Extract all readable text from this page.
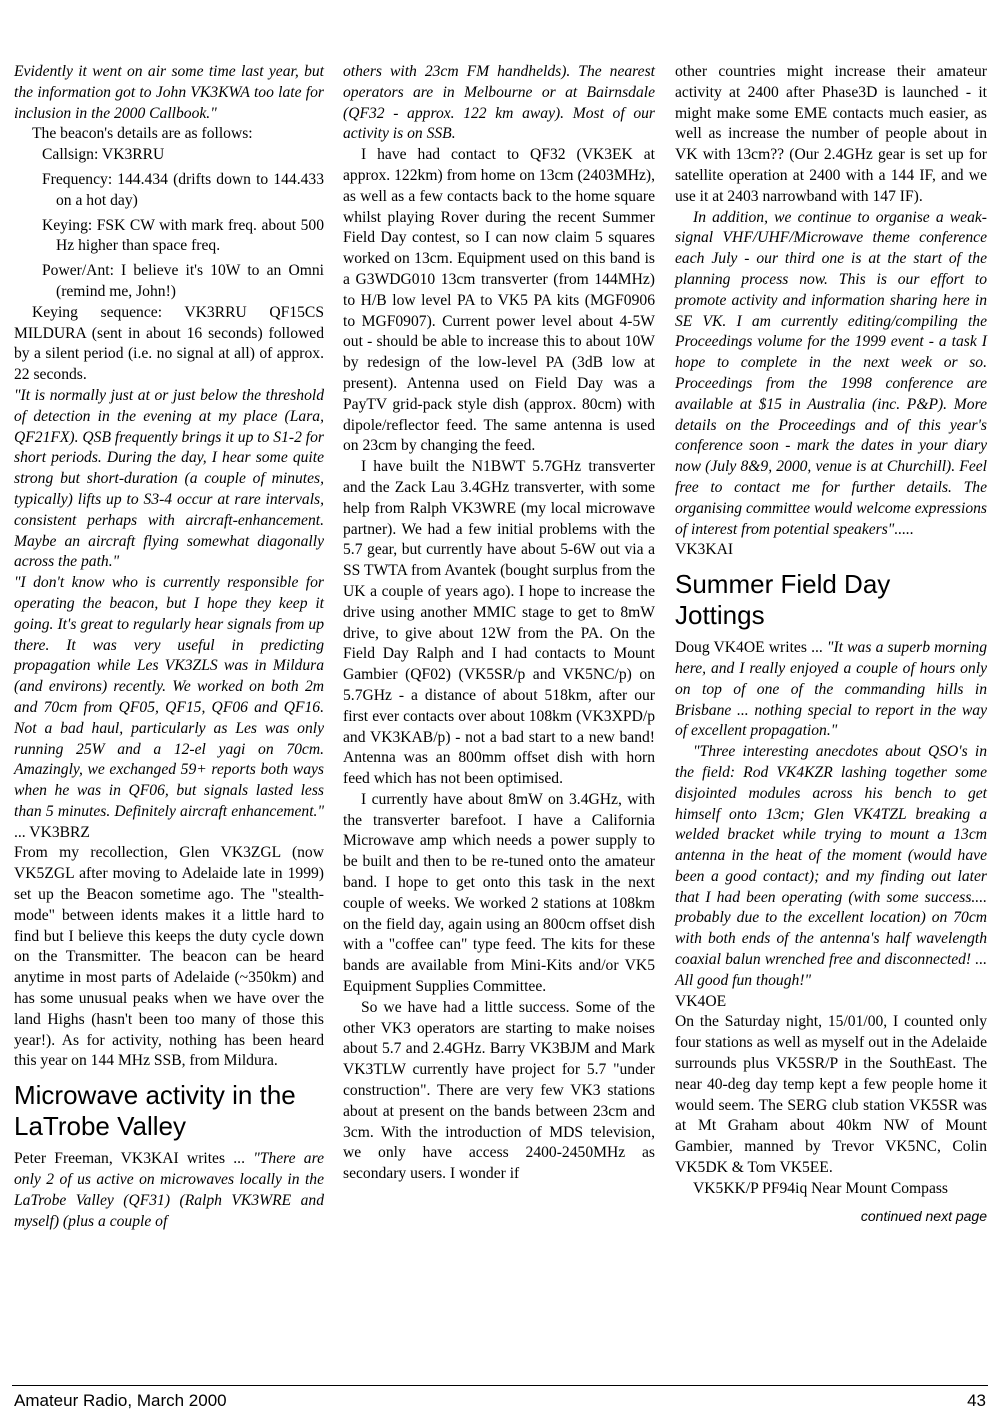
Evidently it went on air some time last year, but the information got to John VK3KWA too late for inclusion in the 2000 Callbook."

The beacon's details are as follows:

Callsign: VK3RRU

Frequency: 144.434 (drifts down to 144.433 on a hot day)

Keying: FSK CW with mark freq. about 500 Hz higher than space freq.

Power/Ant: I believe it's 10W to an Omni (remind me, John!)

Keying sequence: VK3RRU QF15CS MILDURA (sent in about 16 seconds) followed by a silent period (i.e. no signal at all) of approx. 22 seconds.

"It is normally just at or just below the threshold of detection in the evening at my place (Lara, QF21FX). QSB frequently brings it up to S1-2 for short periods. During the day, I hear some quite strong but short-duration (a couple of minutes, typically) lifts up to S3-4 occur at rare intervals, consistent perhaps with aircraft-enhancement. Maybe an aircraft flying somewhat diagonally across the path."

"I don't know who is currently responsible for operating the beacon, but I hope they keep it going. It's great to regularly hear signals from up there. It was very useful in predicting propagation while Les VK3ZLS was in Mildura (and environs) recently. We worked on both 2m and 70cm from QF05, QF15, QF06 and QF16. Not a bad haul, particularly as Les was only running 25W and a 12-el yagi on 70cm. Amazingly, we exchanged 59+ reports both ways when he was in QF06, but signals lasted less than 5 minutes. Definitely aircraft enhancement." ... VK3BRZ

From my recollection, Glen VK3ZGL (now VK5ZGL after moving to Adelaide late in 1999) set up the Beacon sometime ago. The "stealth-mode" between idents makes it a little hard to find but I believe this keeps the duty cycle down on the Transmitter. The beacon can be heard anytime in most parts of Adelaide (~350km) and has some unusual peaks when we have over the land Highs (hasn't been too many of those this year!). As for activity, nothing has been heard this year on 144 MHz SSB, from Mildura.

Microwave activity in the LaTrobe Valley

Peter Freeman, VK3KAI writes ... "There are only 2 of us active on microwaves locally in the LaTrobe Valley (QF31) (Ralph VK3WRE and myself) (plus a couple of

others with 23cm FM handhelds). The nearest operators are in Melbourne or at Bairnsdale (QF32 - approx. 122 km away). Most of our activity is on SSB.

I have had contact to QF32 (VK3EK at approx. 122km) from home on 13cm (2403MHz), as well as a few contacts back to the home square whilst playing Rover during the recent Summer Field Day contest, so I can now claim 5 squares worked on 13cm. Equipment used on this band is a G3WDG010 13cm transverter (from 144MHz) to H/B low level PA to VK5 PA kits (MGF0906 to MGF0907). Current power level about 4-5W out - should be able to increase this to about 10W by redesign of the low-level PA (3dB low at present). Antenna used on Field Day was a PayTV grid-pack style dish (approx. 80cm) with dipole/reflector feed. The same antenna is used on 23cm by changing the feed.

I have built the N1BWT 5.7GHz transverter and the Zack Lau 3.4GHz transverter, with some help from Ralph VK3WRE (my local microwave partner). We had a few initial problems with the 5.7 gear, but currently have about 5-6W out via a SS TWTA from Avantek (bought surplus from the UK a couple of years ago). I hope to increase the drive using another MMIC stage to get to 8mW drive, to give about 12W from the PA. On the Field Day Ralph and I had contacts to Mount Gambier (QF02) (VK5SR/p and VK5NC/p) on 5.7GHz - a distance of about 518km, after our first ever contacts over about 108km (VK3XPD/p and VK3KAB/p) - not a bad start to a new band! Antenna was an 800mm offset dish with horn feed which has not been optimised.

I currently have about 8mW on 3.4GHz, with the transverter barefoot. I have a California Microwave amp which needs a power supply to be built and then to be re-tuned onto the amateur band. I hope to get onto this task in the next couple of weeks. We worked 2 stations at 108km on the field day, again using an 800cm offset dish with a "coffee can" type feed. The kits for these bands are available from Mini-Kits and/or VK5 Equipment Supplies Committee.

So we have had a little success. Some of the other VK3 operators are starting to make noises about 5.7 and 2.4GHz. Barry VK3BJM and Mark VK3TLW currently have project for 5.7 "under construction". There are very few VK3 stations about at present on the bands between 23cm and 3cm. With the introduction of MDS television, we only have access 2400-2450MHz as secondary users. I wonder if

other countries might increase their amateur activity at 2400 after Phase3D is launched - it might make some EME contacts much easier, as well as increase the number of people about in VK with 13cm?? (Our 2.4GHz gear is set up for satellite operation at 2400 with a 144 IF, and we use it at 2403 narrowband with 147 IF).

In addition, we continue to organise a weak-signal VHF/UHF/Microwave theme conference each July - our third one is at the start of the planning process now. This is our effort to promote activity and information sharing here in SE VK. I am currently editing/compiling the Proceedings volume for the 1999 event - a task I hope to complete in the next week or so. Proceedings from the 1998 conference are available at $15 in Australia (inc. P&P). More details on the Proceedings and of this year's conference soon - mark the dates in your diary now (July 8&9, 2000, venue is at Churchill). Feel free to contact me for further details. The organising committee would welcome expressions of interest from potential speakers".....

VK3KAI

Summer Field Day Jottings

Doug VK4OE writes ... "It was a superb morning here, and I really enjoyed a couple of hours only on top of one of the commanding hills in Brisbane ... nothing special to report in the way of excellent propagation."

"Three interesting anecdotes about QSO's in the field: Rod VK4KZR lashing together some disjointed modules across his bench to get himself onto 13cm; Glen VK4TZL breaking a welded bracket while trying to mount a 13cm antenna in the heat of the moment (would have been a good contact); and my finding out later that I had been operating (with some success.... probably due to the excellent location) on 70cm with both ends of the antenna's half wavelength coaxial balun wrenched free and disconnected! ... All good fun though!"

VK4OE

On the Saturday night, 15/01/00, I counted only four stations as well as myself out in the Adelaide surrounds plus VK5SR/P in the SouthEast. The near 40-deg day temp kept a few people home it would seem. The SERG club station VK5SR was at Mt Graham about 40km NW of Mount Gambier, manned by Trevor VK5NC, Colin VK5DK & Tom VK5EE.

VK5KK/P PF94iq Near Mount Compass

continued next page

Amateur Radio, March 2000	43
